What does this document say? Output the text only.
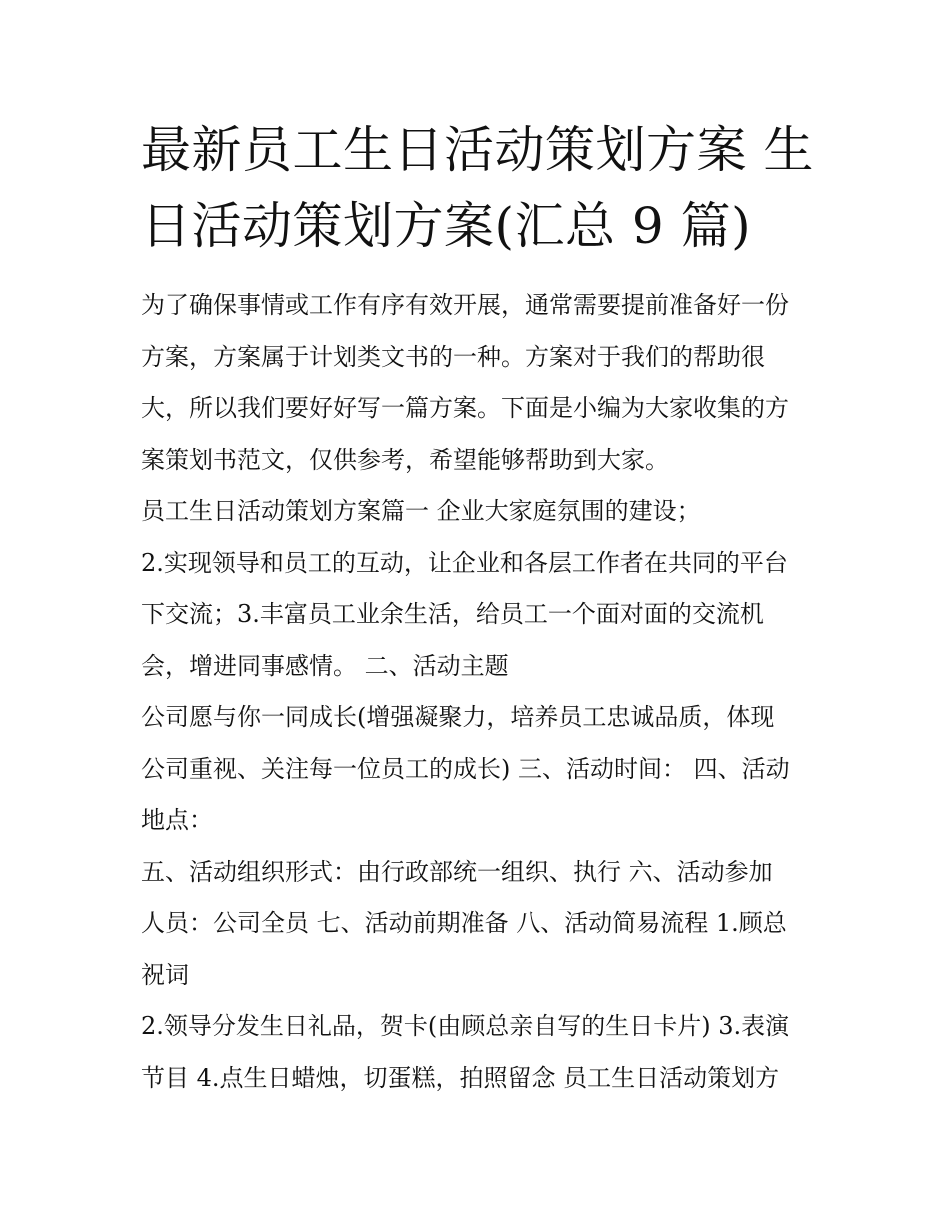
最新员工生日活动策划方案 生
日活动策划方案(汇总 9 篇)
为了确保事情或工作有序有效开展，通常需要提前准备好一份
方案，方案属于计划类文书的一种。方案对于我们的帮助很
大，所以我们要好好写一篇方案。下面是小编为大家收集的方
案策划书范文，仅供参考，希望能够帮助到大家。
员工生日活动策划方案篇一 企业大家庭氛围的建设；
2.实现领导和员工的互动，让企业和各层工作者在共同的平台
下交流；3.丰富员工业余生活，给员工一个面对面的交流机
会，增进同事感情。 二、活动主题
公司愿与你一同成长(增强凝聚力，培养员工忠诚品质，体现
公司重视、关注每一位员工的成长) 三、活动时间： 四、活动
地点：
五、活动组织形式：由行政部统一组织、执行 六、活动参加
人员：公司全员 七、活动前期准备 八、活动简易流程 1.顾总
祝词
2.领导分发生日礼品，贺卡(由顾总亲自写的生日卡片) 3.表演
节目 4.点生日蜡烛，切蛋糕，拍照留念 员工生日活动策划方
